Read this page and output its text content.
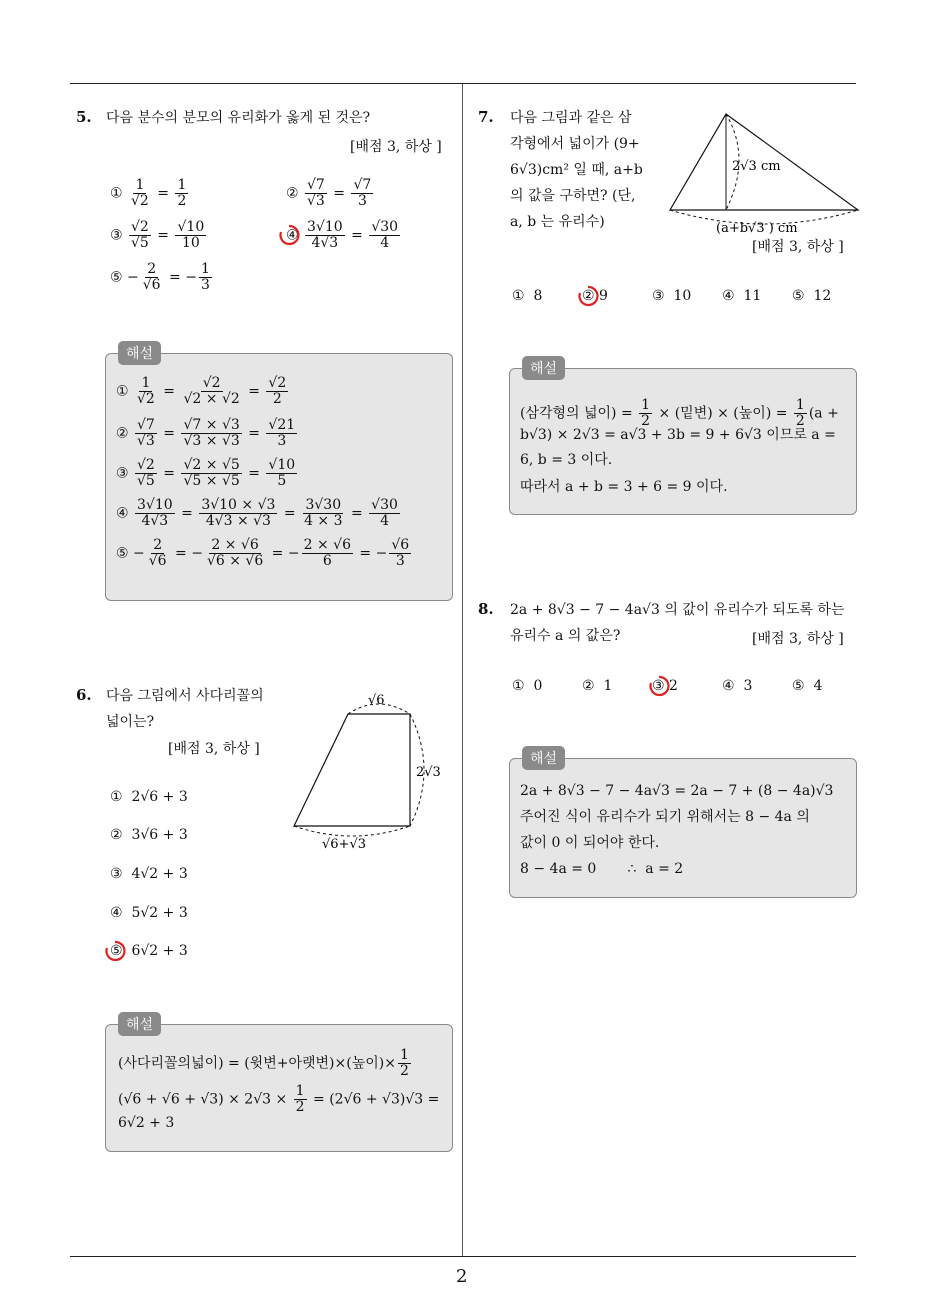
2
5. 다음 분수의 분모의 유리화가 옳게 된 것은?
[배점 3, 하상 ]
① $\frac{1}{√2} = \frac{1}{2}$	② $\frac{√7}{√3} = \frac{√7}{3}$
③ $\frac{√2}{√5} = \frac{√10}{10}$	④ $\frac{3√10}{4√3} = \frac{√30}{4}$
⑤ − $\frac{2}{√6}$ = − $\frac{1}{3}$
해설
① $\frac{1}{√2} = \frac{√2}{√2 \times √2} = \frac{√2}{2}$
② $\frac{√7}{√3} = \frac{√7 \times √3}{√3 \times √3} = \frac{√21}{3}$
③ $\frac{√2}{√5} = \frac{√2 \times √5}{√5 \times √5} = \frac{√10}{5}$
④ $\frac{3√10}{4√3} = \frac{3√10 \times √3}{4√3 \times √3} = \frac{3√30}{4 \times 3} = \frac{√30}{4}$
⑤ − $\frac{2}{√6}$ = − $\frac{2 \times √6}{√6 \times √6}$ = − $\frac{2 \times √6}{6}$ = − $\frac{√6}{3}$
6. 다음 그림에서 사다리꼴의
넓이는?
[배점 3, 하상 ]
√6
2√3
√6+√3
① 2√6 + 3
② 3√6 + 3
③ 4√2 + 3
④ 5√2 + 3
⑤ 6√2 + 3
해설
(사다리꼴의넓이) = (윗변+아랫변)×(높이)× $\frac{1}{2}$
$(√6 + √6 + √3) \times 2√3 \times \frac{1}{2} = (2√6 + √3)√3$ =
6√2 + 3
7. 다음 그림과 같은 삼
각형에서 넓이가 (9+
6√3)cm² 일 때, a+b
의 값을 구하면? (단,
a, b 는 유리수)
2√3 cm
(a+b√3 ) cm
[배점 3, 하상 ]
① 8	② 9	③ 10 ④ 11 ⑤ 12
해설
(삼각형의 넓이) = $\frac{1}{2}$ × (밑변) × (높이) = $\frac{1}{2} (a$ +
b√3) × 2√3 = a√3 + 3b = 9 + 6√3 이므로 a =
6, b = 3 이다.
따라서 a + b = 3 + 6 = 9 이다.
8. 2a + 8√3 − 7 − 4a√3 의 값이 유리수가 되도록 하는
유리수 a 의 값은?	[배점 3, 하상 ]
① 0	② 1	③ 2	④ 3	⑤ 4
해설
2a + 8√3 − 7 − 4a√3 = 2a − 7 + (8 − 4a)√3
주어진 식이 유리수가 되기 위해서는 8 − 4a 의
값이 0 이 되어야 한다.
8 − 4a = 0       ∴  a = 2
